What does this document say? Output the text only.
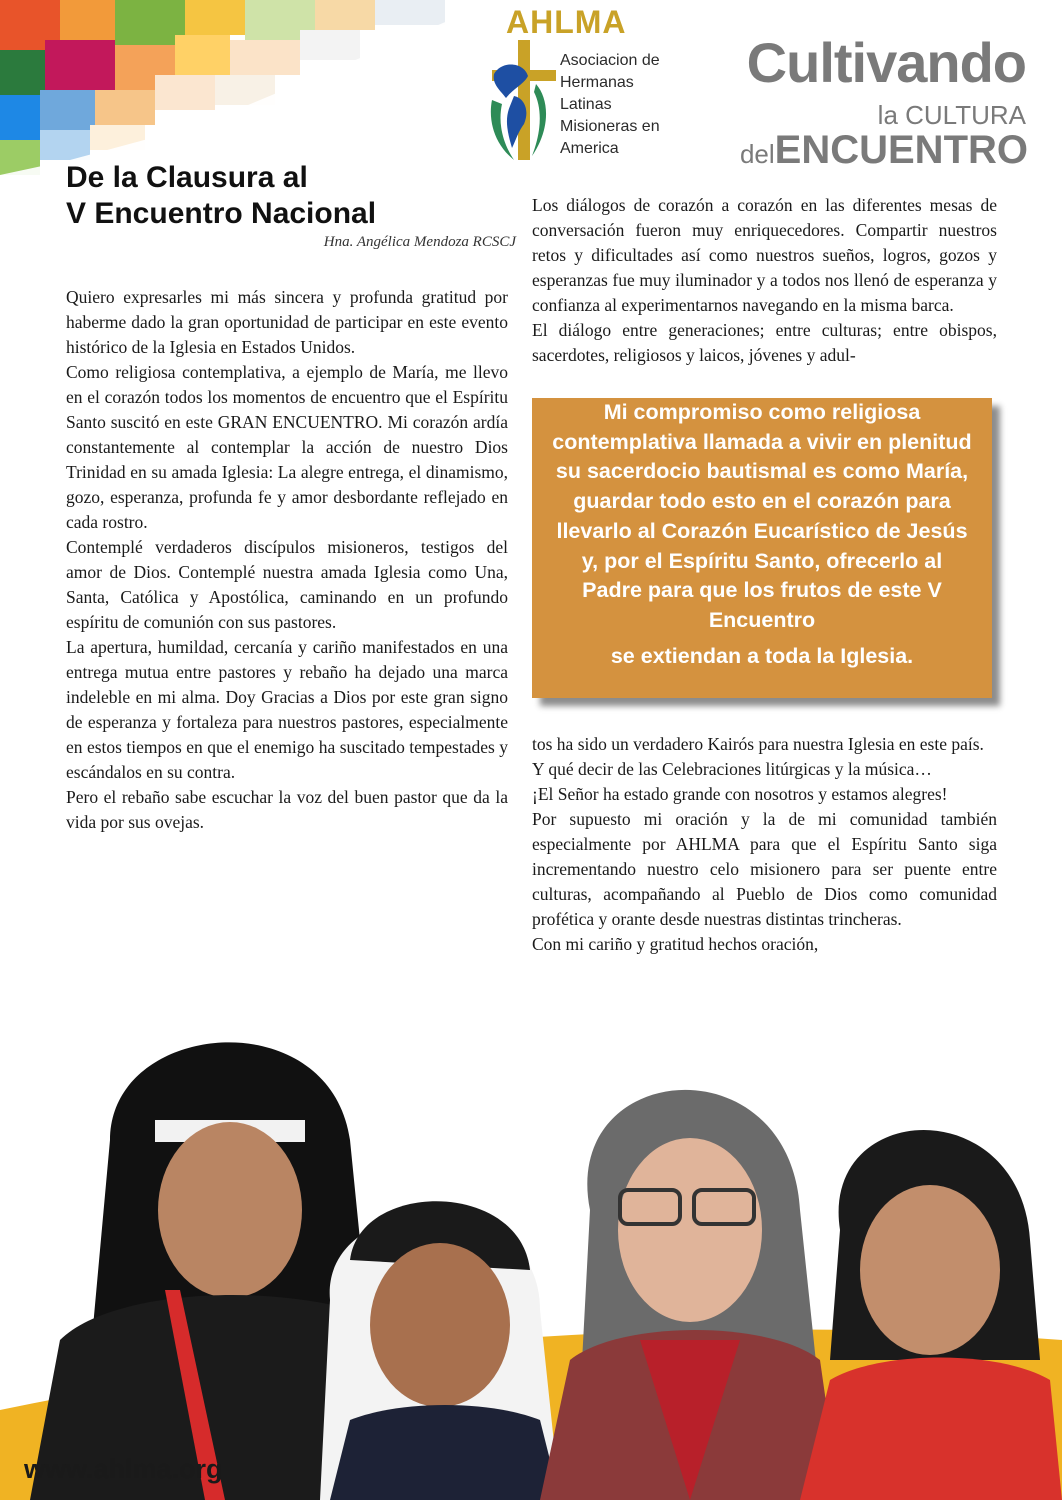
AHLMA
Asociacion de
Hermanas
Latinas
Misioneras en
America
Cultivando
la CULTURA
delENCUENTRO
De la Clausura al
V Encuentro Nacional
Hna. Angélica Mendoza RCSCJ

Quiero expresarles mi más sincera y profunda gratitud por haberme dado la gran oportunidad de participar en este evento histórico de la Iglesia en Estados Unidos.

Como religiosa contemplativa, a ejemplo de María, me llevo en el corazón todos los momentos de encuentro que el Espíritu Santo suscitó en este GRAN ENCUENTRO. Mi corazón ardía constantemente al contemplar la acción de nuestro Dios Trinidad en su amada Iglesia: La alegre entrega, el dinamismo, gozo, esperanza, profunda fe y amor desbordante reflejado en cada rostro.

Contemplé verdaderos discípulos misioneros, testigos del amor de Dios. Contemplé nuestra amada Iglesia como Una, Santa, Católica y Apostólica, caminando en un profundo espíritu de comunión con sus pastores.

La apertura, humildad, cercanía y cariño manifestados en una entrega mutua entre pastores y rebaño ha dejado una marca indeleble en mi alma. Doy Gracias a Dios por este gran signo de esperanza y fortaleza para nuestros pastores, especialmente en estos tiempos en que el enemigo ha suscitado tempestades y escándalos en su contra.

Pero el rebaño sabe escuchar la voz del buen pastor que da la vida por sus ovejas.

Los diálogos de corazón a corazón en las diferentes mesas de conversación fueron muy enriquecedores. Compartir nuestros retos y dificultades así como nuestros sueños, logros, gozos y esperanzas fue muy iluminador y a todos nos llenó de esperanza y confianza al experimentarnos navegando en la misma barca.

El diálogo entre generaciones; entre culturas; entre obispos, sacerdotes, religiosos y laicos, jóvenes y adul-

Mi compromiso como religiosa contemplativa llamada a vivir en plenitud su sacerdocio bautismal es como María, guardar todo esto en el corazón para llevarlo al Corazón Eucarístico de Jesús y, por el Espíritu Santo, ofrecerlo al Padre para que los frutos de este V Encuentro

se extiendan a toda la Iglesia.

tos ha sido un verdadero Kairós para nuestra Iglesia en este país.

Y qué decir de las Celebraciones litúrgicas y la música…

¡El Señor ha estado grande con nosotros y estamos alegres!

Por supuesto mi oración y la de mi comunidad también especialmente por AHLMA para que el Espíritu Santo siga incrementando nuestro celo misionero para ser puente entre culturas, acompañando al Pueblo de Dios como comunidad profética y orante desde nuestras distintas trincheras.

Con mi cariño y gratitud hechos oración,

www.ahlma.org
